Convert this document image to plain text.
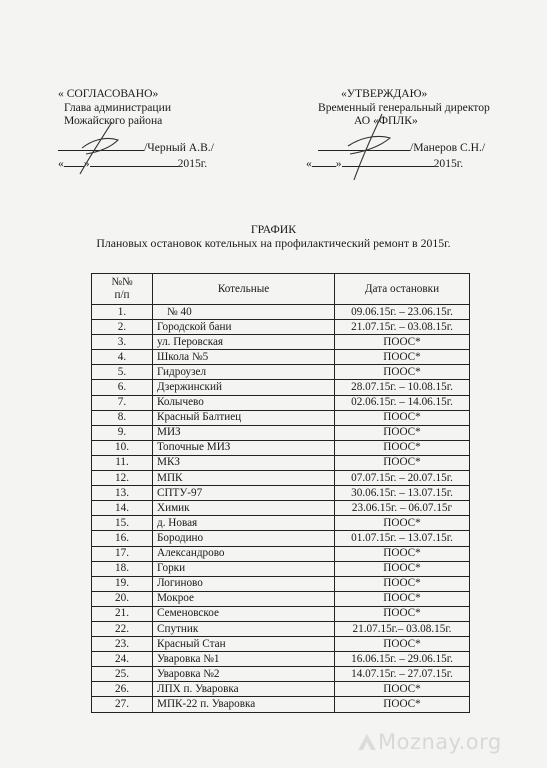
« СОГЛАСОВАНО»
Глава администрации
Можайского района
«УТВЕРЖДАЮ»
Временный генеральный директор
АО «ФПЛК»
/Черный А.В./
« »	2015г.
/Манеров С.Н./
« »	2015г.
ГРАФИК
Плановых остановок котельных на профилактический ремонт в 2015г.
№№
п/п	Котельные	Дата остановки
1.	№ 40	09.06.15г. – 23.06.15г.
2.	Городской бани	21.07.15г. – 03.08.15г.
3.	ул. Перовская	ПООС*
4.	Школа №5	ПООС*
5.	Гидроузел	ПООС*
6.	Дзержинский	28.07.15г. – 10.08.15г.
7.	Колычево	02.06.15г. – 14.06.15г.
8.	Красный Балтиец	ПООС*
9.	МИЗ	ПООС*
10.	Топочные МИЗ	ПООС*
11.	МКЗ	ПООС*
12.	МПК	07.07.15г. – 20.07.15г.
13.	СПТУ-97	30.06.15г. – 13.07.15г.
14.	Химик	23.06.15г. – 06.07.15г
15.	д. Новая	ПООС*
16.	Бородино	01.07.15г. – 13.07.15г.
17.	Александрово	ПООС*
18.	Горки	ПООС*
19.	Логиново	ПООС*
20.	Мокрое	ПООС*
21.	Семеновское	ПООС*
22.	Спутник	21.07.15г.– 03.08.15г.
23.	Красный Стан	ПООС*
24.	Уваровка №1	16.06.15г. – 29.06.15г.
25.	Уваровка №2	14.07.15г. – 27.07.15г.
26.	ЛПХ п. Уваровка	ПООС*
27.	МПК-22 п. Уваровка	ПООС*
Moznay.org
